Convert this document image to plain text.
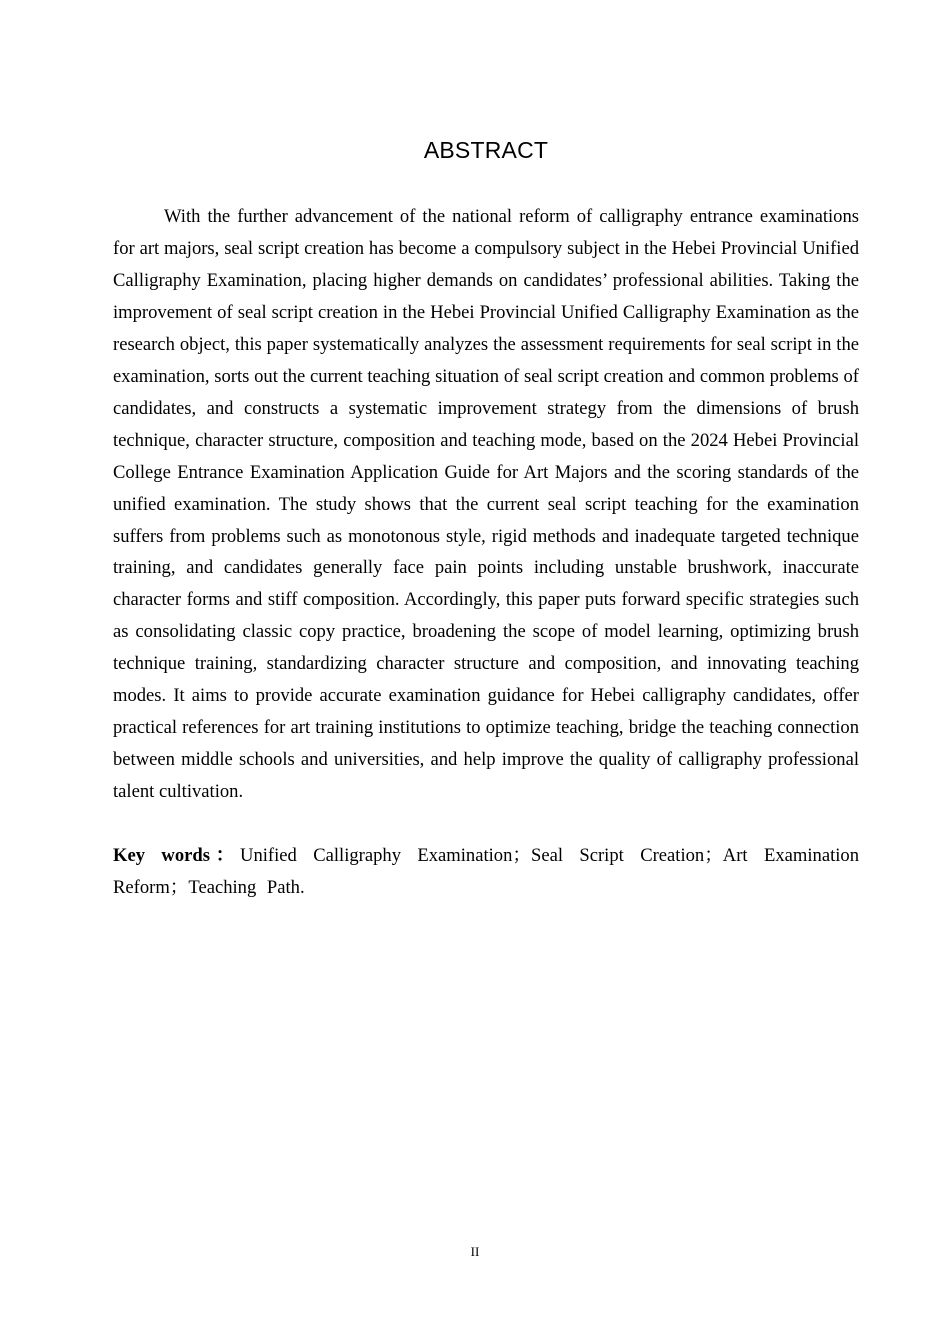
ABSTRACT

With the further advancement of the national reform of calligraphy entrance examinations for art majors, seal script creation has become a compulsory subject in the Hebei Provincial Unified Calligraphy Examination, placing higher demands on candidates’ professional abilities. Taking the improvement of seal script creation in the Hebei Provincial Unified Calligraphy Examination as the research object, this paper systematically analyzes the assessment requirements for seal script in the examination, sorts out the current teaching situation of seal script creation and common problems of candidates, and constructs a systematic improvement strategy from the dimensions of brush technique, character structure, composition and teaching mode, based on the 2024 Hebei Provincial College Entrance Examination Application Guide for Art Majors and the scoring standards of the unified examination. The study shows that the current seal script teaching for the examination suffers from problems such as monotonous style, rigid methods and inadequate targeted technique training, and candidates generally face pain points including unstable brushwork, inaccurate character forms and stiff composition. Accordingly, this paper puts forward specific strategies such as consolidating classic copy practice, broadening the scope of model learning, optimizing brush technique training, standardizing character structure and composition, and innovating teaching modes. It aims to provide accurate examination guidance for Hebei calligraphy candidates, offer practical references for art training institutions to optimize teaching, bridge the teaching connection between middle schools and universities, and help improve the quality of calligraphy professional talent cultivation.

Key words：Unified Calligraphy Examination；Seal Script Creation；Art Examination Reform；Teaching Path.

II
